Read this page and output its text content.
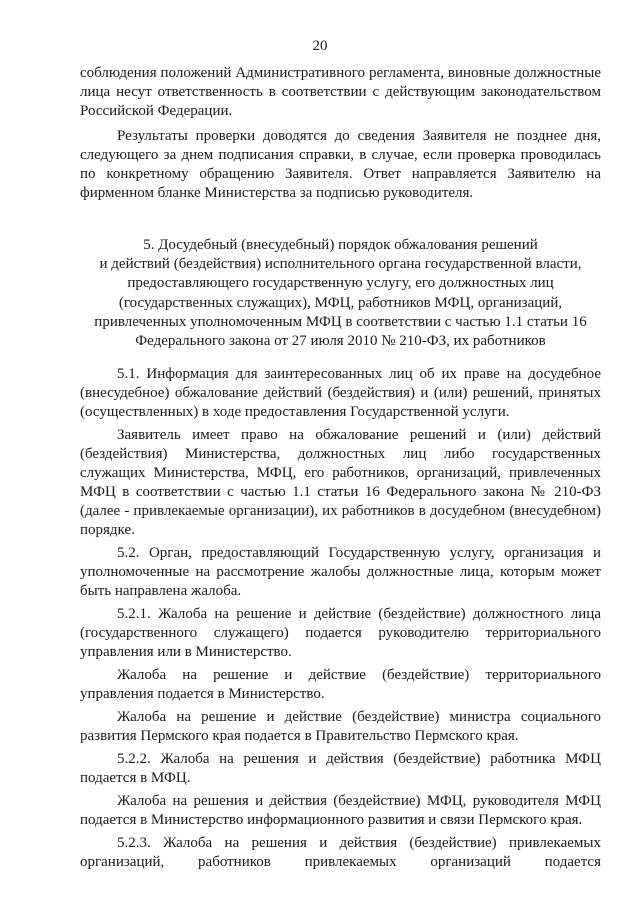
20

соблюдения положений Административного регламента, виновные должностные лица несут ответственность в соответствии с действующим законодательством Российской Федерации.

Результаты проверки доводятся до сведения Заявителя не позднее дня, следующего за днем подписания справки, в случае, если проверка проводилась по конкретному обращению Заявителя. Ответ направляется Заявителю на фирменном бланке Министерства за подписью руководителя.

5. Досудебный (внесудебный) порядок обжалования решений
и действий (бездействия) исполнительного органа государственной власти,
предоставляющего государственную услугу, его должностных лиц
(государственных служащих), МФЦ, работников МФЦ, организаций,
привлеченных уполномоченным МФЦ в соответствии с частью 1.1 статьи 16
Федерального закона от 27 июля 2010 № 210-ФЗ, их работников

5.1. Информация для заинтересованных лиц об их праве на досудебное (внесудебное) обжалование действий (бездействия) и (или) решений, принятых (осуществленных) в ходе предоставления Государственной услуги.

Заявитель имеет право на обжалование решений и (или) действий (бездействия) Министерства, должностных лиц либо государственных служащих Министерства, МФЦ, его работников, организаций, привлеченных МФЦ в соответствии с частью 1.1 статьи 16 Федерального закона № 210-ФЗ (далее - привлекаемые организации), их работников в досудебном (внесудебном) порядке.

5.2. Орган, предоставляющий Государственную услугу, организация и уполномоченные на рассмотрение жалобы должностные лица, которым может быть направлена жалоба.

5.2.1. Жалоба на решение и действие (бездействие) должностного лица (государственного служащего) подается руководителю территориального управления или в Министерство.

Жалоба на решение и действие (бездействие) территориального управления подается в Министерство.

Жалоба на решение и действие (бездействие) министра социального развития Пермского края подается в Правительство Пермского края.

5.2.2. Жалоба на решения и действия (бездействие) работника МФЦ подается в МФЦ.

Жалоба на решения и действия (бездействие) МФЦ, руководителя МФЦ подается в Министерство информационного развития и связи Пермского края.

5.2.3. Жалоба на решения и действия (бездействие) привлекаемых организаций, работников привлекаемых организаций подается
